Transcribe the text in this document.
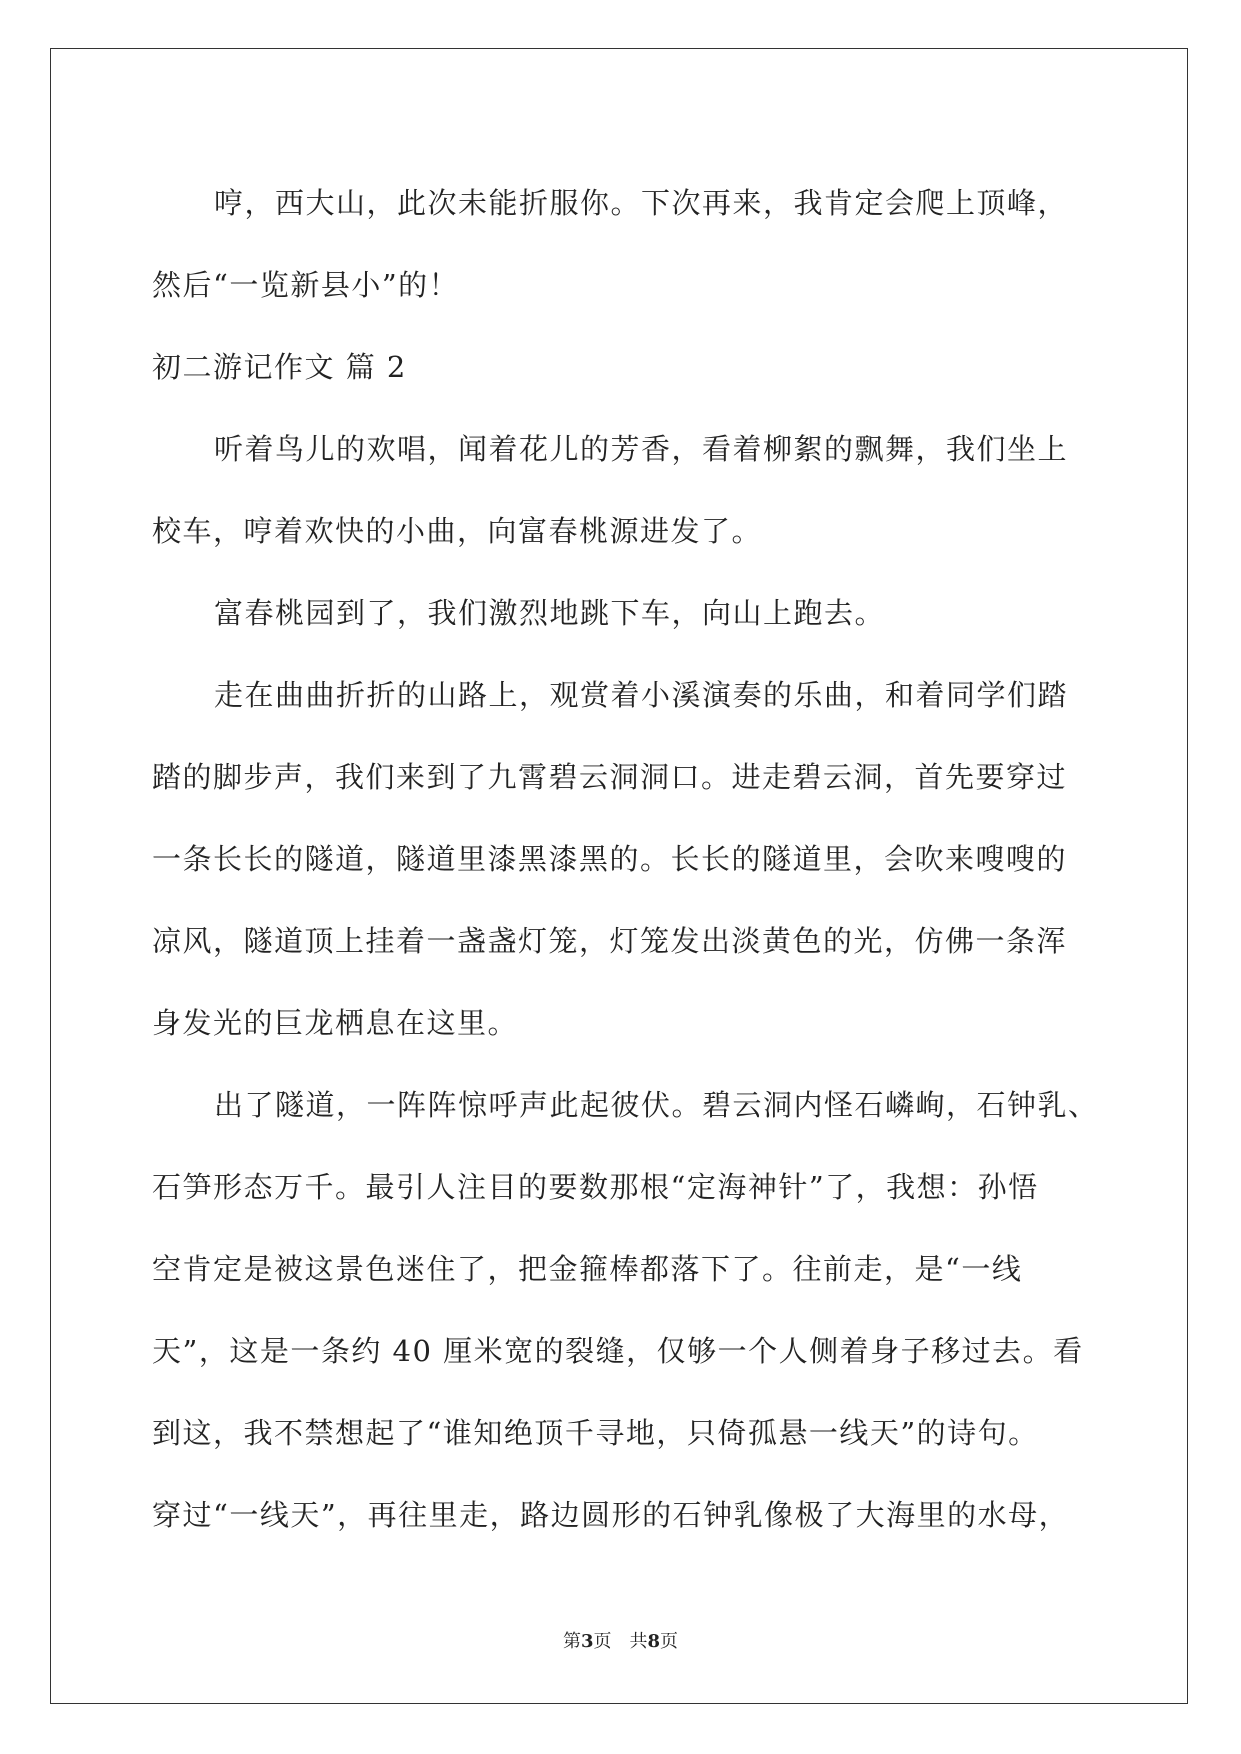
哼，西大山，此次未能折服你。下次再来，我肯定会爬上顶峰，
然后“一览新县小”的！
初二游记作文 篇 2
听着鸟儿的欢唱，闻着花儿的芳香，看着柳絮的飘舞，我们坐上
校车，哼着欢快的小曲，向富春桃源进发了。
富春桃园到了，我们激烈地跳下车，向山上跑去。
走在曲曲折折的山路上，观赏着小溪演奏的乐曲，和着同学们踏
踏的脚步声，我们来到了九霄碧云洞洞口。进走碧云洞，首先要穿过
一条长长的隧道，隧道里漆黑漆黑的。长长的隧道里，会吹来嗖嗖的
凉风，隧道顶上挂着一盏盏灯笼，灯笼发出淡黄色的光，仿佛一条浑
身发光的巨龙栖息在这里。
出了隧道，一阵阵惊呼声此起彼伏。碧云洞内怪石嶙峋，石钟乳、
石笋形态万千。最引人注目的要数那根“定海神针”了，我想：孙悟
空肯定是被这景色迷住了，把金箍棒都落下了。往前走，是“一线
天”，这是一条约 40 厘米宽的裂缝，仅够一个人侧着身子移过去。看
到这，我不禁想起了“谁知绝顶千寻地，只倚孤悬一线天”的诗句。
穿过“一线天”，再往里走，路边圆形的石钟乳像极了大海里的水母，
第3页　共8页
